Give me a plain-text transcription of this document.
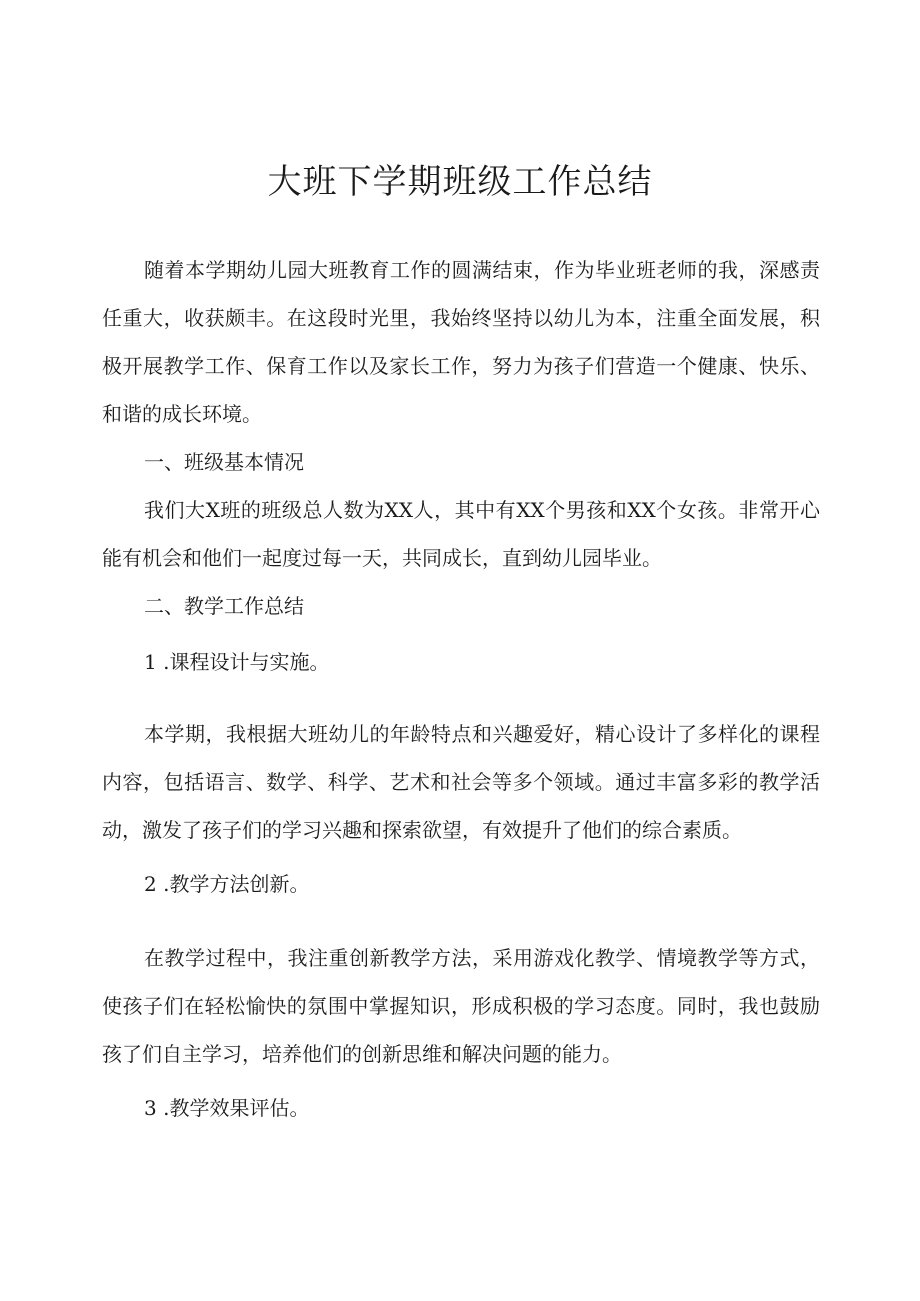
大班下学期班级工作总结

随着本学期幼儿园大班教育工作的圆满结束，作为毕业班老师的我，深感责任重大，收获颇丰。在这段时光里，我始终坚持以幼儿为本，注重全面发展，积极开展教学工作、保育工作以及家长工作，努力为孩子们营造一个健康、快乐、和谐的成长环境。

一、班级基本情况

我们大X班的班级总人数为XX人，其中有XX个男孩和XX个女孩。非常开心能有机会和他们一起度过每一天，共同成长，直到幼儿园毕业。

二、教学工作总结

1 .课程设计与实施。

本学期，我根据大班幼儿的年龄特点和兴趣爱好，精心设计了多样化的课程内容，包括语言、数学、科学、艺术和社会等多个领域。通过丰富多彩的教学活动，激发了孩子们的学习兴趣和探索欲望，有效提升了他们的综合素质。

2 .教学方法创新。

在教学过程中，我注重创新教学方法，采用游戏化教学、情境教学等方式，使孩子们在轻松愉快的氛围中掌握知识，形成积极的学习态度。同时，我也鼓励孩了们自主学习，培养他们的创新思维和解决问题的能力。

3 .教学效果评估。
